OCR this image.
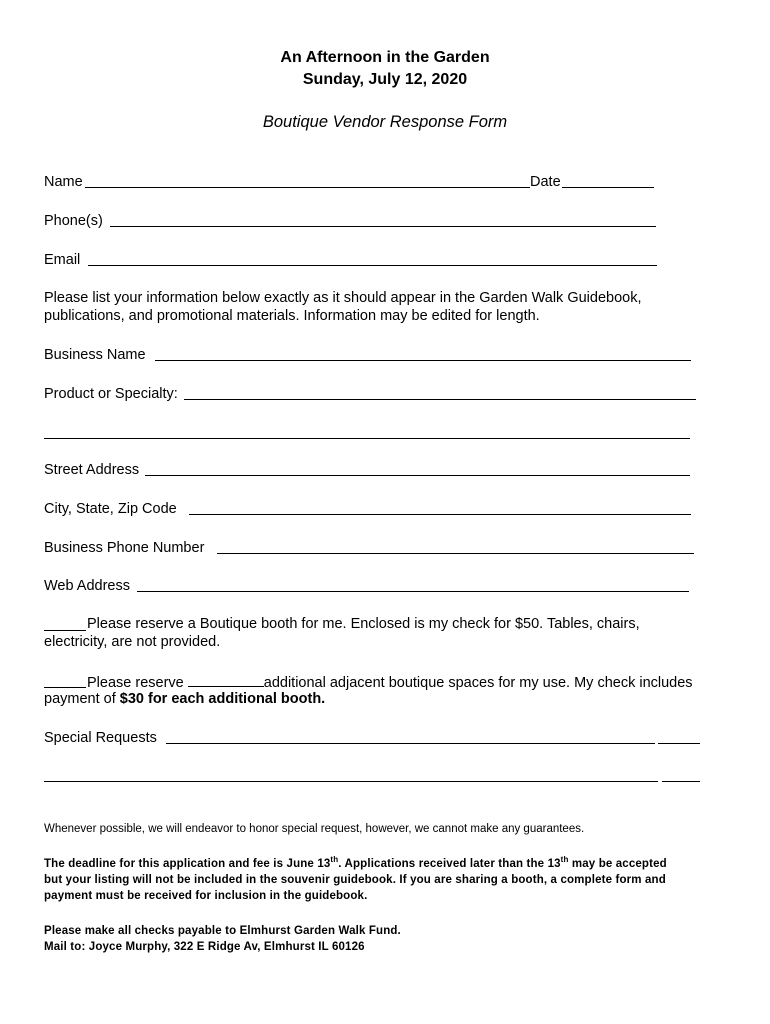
An Afternoon in the Garden
Sunday, July 12, 2020
Boutique Vendor Response Form
Name	Date
Phone(s)
Email
Please list your information below exactly as it should appear in the Garden Walk Guidebook,
publications, and promotional materials. Information may be edited for length.
Business Name
Product or Specialty:
Street Address
City, State, Zip Code
Business Phone Number
Web Address
Please reserve a Boutique booth for me. Enclosed is my check for $50. Tables, chairs,
electricity, are not provided.
Please reserve	additional adjacent boutique spaces for my use. My check includes
payment of $30 for each additional booth.
Special Requests
Whenever possible, we will endeavor to honor special request, however, we cannot make any guarantees.
The deadline for this application and fee is June 13th. Applications received later than the 13th may be accepted
but your listing will not be included in the souvenir guidebook. If you are sharing a booth, a complete form and
payment must be received for inclusion in the guidebook.
Please make all checks payable to Elmhurst Garden Walk Fund.
Mail to: Joyce Murphy, 322 E Ridge Av, Elmhurst IL 60126
